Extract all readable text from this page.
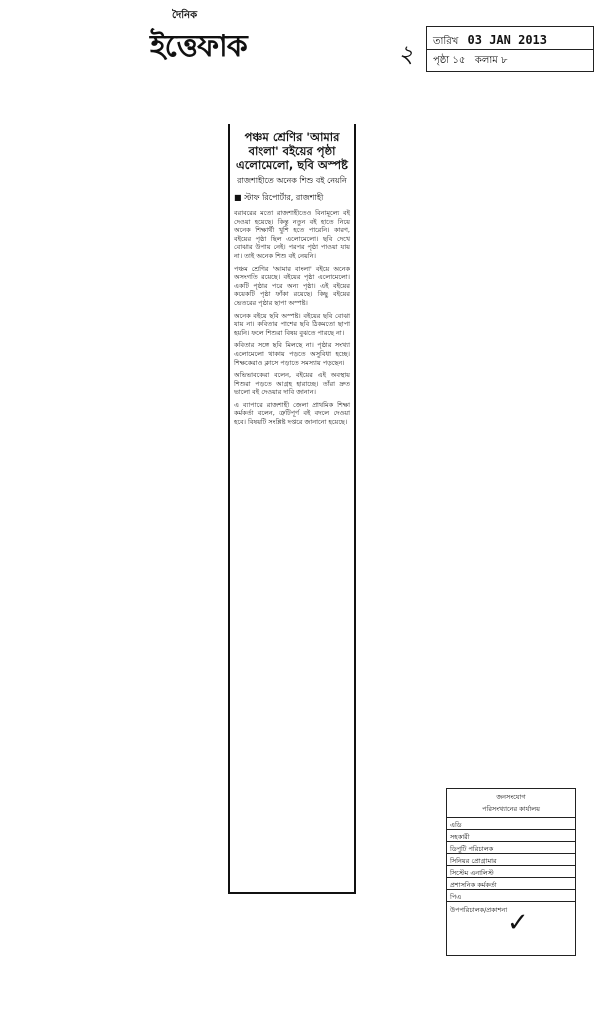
দৈনিক
ইত্তেফাক	২ তারিখ 03 JAN 2013
পৃষ্ঠা ১৫ কলাম ৮
পঞ্চম শ্রেণির 'আমার বাংলা' বইয়ের পৃষ্ঠা এলোমেলো, ছবি অস্পষ্ট
রাজশাহীতে অনেক শিশু বই নেয়নি
■ স্টাফ রিপোর্টার, রাজশাহী

বরাবরের মতো রাজশাহীতেও বিনামূল্যে বই দেওয়া হয়েছে। কিন্তু নতুন বই হাতে নিয়ে অনেক শিক্ষার্থী খুশি হতে পারেনি। কারণ, বইয়ের পৃষ্ঠা ছিল এলোমেলো। ছবি দেখে বোঝার উপায় নেই। পরপর পৃষ্ঠা পাওয়া যায় না। তাই অনেক শিশু বই নেয়নি।

পঞ্চম শ্রেণির 'আমার বাংলা' বইয়ে অনেক অসংগতি রয়েছে। বইয়ের পৃষ্ঠা এলোমেলো। একটি পৃষ্ঠার পরে অন্য পৃষ্ঠা। এই বইয়ের কয়েকটি পৃষ্ঠা ফাঁকা রয়েছে। কিছু বইয়ের ভেতরের পৃষ্ঠার ছাপা অস্পষ্ট।

অনেক বইয়ে ছবি অস্পষ্ট। বইয়ের ছবি বোঝা যায় না। কবিতার পাশের ছবি ঠিকমতো ছাপা হয়নি। ফলে শিশুরা বিষয় বুঝতে পারছে না।

কবিতার সঙ্গে ছবি মিলছে না। পৃষ্ঠার সংখ্যা এলোমেলো থাকায় পড়তে অসুবিধা হচ্ছে। শিক্ষকেরাও ক্লাসে পড়াতে সমস্যায় পড়ছেন।

অভিভাবকেরা বলেন, বইয়ের এই অবস্থায় শিশুরা পড়তে আগ্রহ হারাচ্ছে। তাঁরা দ্রুত ভালো বই দেওয়ার দাবি জানান।

এ ব্যাপারে রাজশাহী জেলা প্রাথমিক শিক্ষা কর্মকর্তা বলেন, ত্রুটিপূর্ণ বই বদলে দেওয়া হবে। বিষয়টি সংশ্লিষ্ট দপ্তরে জানানো হয়েছে।

জনসংযোগ
পরিসংখ্যানের কার্যালয়
এডি
সহকারী
ডিপুটি পরিচালক
সিনিয়র প্রোগ্রামার
সিস্টেম এনালিস্ট
প্রশাসনিক কর্মকর্তা
পিএ
উপপরিচালক/প্রকাশনা ✓
